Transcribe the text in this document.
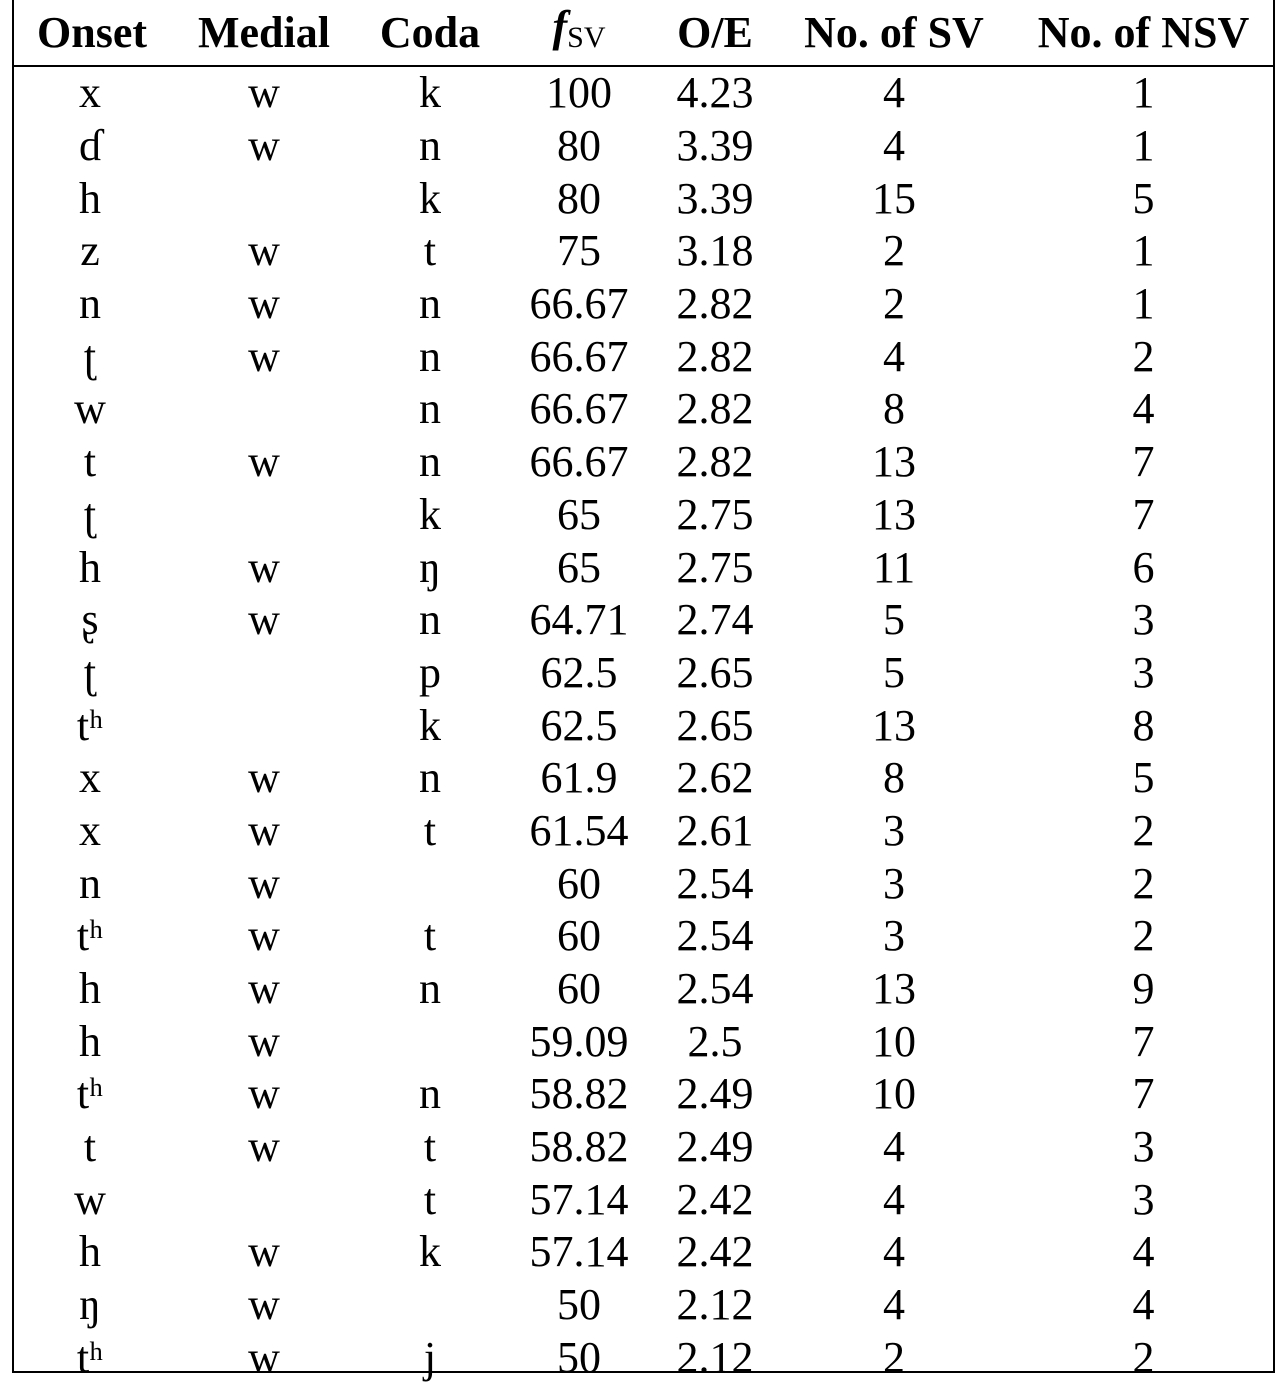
Onset	Medial	Coda	fSV	O/E	No. of SV	No. of NSV
x	w	k	100	4.23	4	1
ɗ	w	n	80	3.39	4	1
h		k	80	3.39	15	5
z	w	t	75	3.18	2	1
n	w	n	66.67	2.82	2	1
ʈ	w	n	66.67	2.82	4	2
w		n	66.67	2.82	8	4
t	w	n	66.67	2.82	13	7
ʈ		k	65	2.75	13	7
h	w	ŋ	65	2.75	11	6
ʂ	w	n	64.71	2.74	5	3
ʈ		p	62.5	2.65	5	3
tʰ		k	62.5	2.65	13	8
x	w	n	61.9	2.62	8	5
x	w	t	61.54	2.61	3	2
n	w		60	2.54	3	2
tʰ	w	t	60	2.54	3	2
h	w	n	60	2.54	13	9
h	w		59.09	2.5	10	7
tʰ	w	n	58.82	2.49	10	7
t	w	t	58.82	2.49	4	3
w		t	57.14	2.42	4	3
h	w	k	57.14	2.42	4	4
ŋ	w		50	2.12	4	4
tʰ	w	j	50	2.12	2	2
